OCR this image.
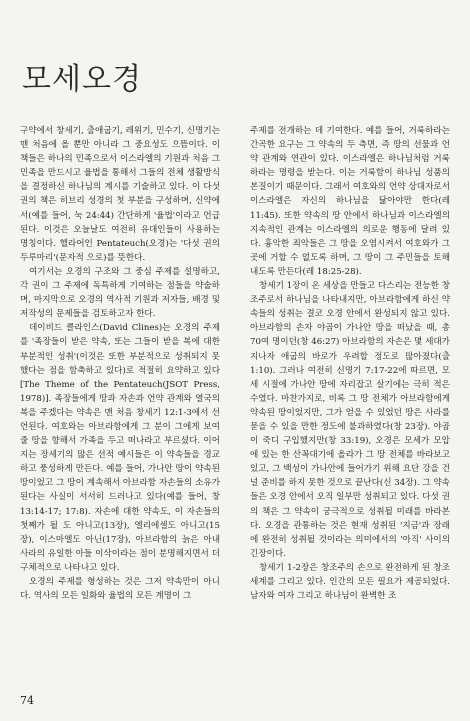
모세오경

구약에서 창세기, 출애굽기, 레위기, 민수기, 신명기는 맨 처음에 올 뿐만 아니라 그 중요성도 으뜸이다. 이 책들은 하나의 민족으로서 이스라엘의 기원과 처음 그 민족을 만드시고 율법을 통해서 그들의 전체 생활방식을 결정하신 하나님의 계시를 기술하고 있다. 이 다섯 권의 책은 히브리 성경의 첫 부분을 구성하며, 신약에서(예를 들어, 눅 24:44) 간단하게 '율법'이라고 언급된다. 이것은 오늘날도 여전히 유대인들이 사용하는 명칭이다. 헬라어인 Pentateuch(오경)는 '다섯 권의 두루마리'(문자적 으로)를 뜻한다.

여기서는 오경의 구조와 그 중심 주제를 설명하고, 각 권이 그 주제에 독특하게 기여하는 점들을 약술하며, 마지막으로 오경의 역사적 기원과 저자들, 배경 및 저작성의 문제들을 검토하고자 한다.

데이비드 클라인스(David Clines)는 오경의 주제를 '족장들이 받은 약속, 또는 그들이 받을 복에 대한 부분적인 성취'(이것은 또한 부분적으로 성취되지 못했다는 점을 함축하고 있다)로 적절히 요약하고 있다 [The Theme of the Pentateuch(JSOT Press, 1978)]. 족장들에게 땅과 자손과 언약 관계와 열국의 복을 주겠다는 약속은 맨 처음 창세기 12:1-3에서 선언된다. 여호와는 아브라함에게 그 분이 그에게 보여 줄 땅을 향해서 가족을 두고 떠나라고 부르셨다. 이어지는 장세기의 많은 선적 예시들은 이 약속들을 경교하고 풍성하게 만든다. 예를 들어, 가나안 땅이 약속된 땅이었고 그 땅이 계속해서 아브라함 자손들의 소유가 된다는 사실이 서서히 드러나고 있다(예를 들어, 창 13:14-17; 17:8). 자손에 대한 약속도, 이 자손들의 첫째가 될 도 아니고(13장), 엘리에셀도 아니고(15장), 이스마엘도 아닌(17장), 아브라함의 늙은 아내 사라의 유일한 아들 이삭이라는 점이 분명해지면서 더 구체적으로 나타나고 있다.

오경의 주제를 형성하는 것은 그저 약속만이 아니다. 역사의 모든 일화와 율법의 모든 계명이 그

주제를 전개하는 데 기여한다. 예를 들어, 거룩하라는 간곡한 요구는 그 약속의 두 측면, 즉 땅의 선물과 언약 관계와 연관이 있다. 이스라엘은 하나님처럼 거룩하라는 명령을 받는다. 이는 거룩함이 하나님 성품의 본질이기 때문이다. 그래서 여호와의 언약 상대자로서 이스라엘은 자신의 하나님을 닮아야만 한다(레 11:45). 또한 약속의 땅 안에서 하나님과 이스라엘의 지속적인 관계는 이스라엘의 의로운 행동에 달려 있다. 흉악한 죄악들은 그 땅을 오염시켜서 여호와가 그 곳에 거할 수 없도록 하며, 그 땅이 그 주민들을 토해 내도록 만든다(레 18:25-28).

창세기 1장이 온 세상을 만들고 다스리는 전능한 창조주로서 하나님을 나타내지만, 아브라함에게 하신 약속들의 성취는 결코 오경 안에서 완성되지 않고 있다. 아브라함의 손자 야곱이 가나안 땅을 떠났을 때, 총 70여 명이던(창 46:27) 아브라함의 자손은 몇 세대가 지나자 애굽의 바로가 우려할 정도로 많아졌다(출 1:10). 그러나 여전히 신명기 7:17-22에 따르면, 모세 시절에 가나안 땅에 자리잡고 살기에는 극히 적은 수였다. 마찬가지로, 비록 그 땅 전체가 아브라함에게 약속된 땅이었지만, 그가 얻을 수 있었던 땅은 사라를 묻을 수 있을 만한 정도에 불과하였다(창 23장). 야곱이 죽디 구입했지만(창 33:19), 오경은 모세가 모압에 있는 한 산꼭대기에 올라가 그 땅 전체를 바라보고 있고, 그 백성이 가나안에 들어가기 위해 요단 강을 건널 준비를 하지 못한 것으로 끝난다(신 34장). 그 약속들은 오경 안에서 오직 일부만 성취되고 있다. 다섯 권의 책은 그 약속이 궁극적으로 성취될 미래를 바라본다. 오경을 관통하는 것은 현재 성취된 '지금'과 장래에 완전히 성취될 것이라는 의미에서의 '아직' 사이의 긴장이다.

창세기 1-2장은 창조주의 손으로 완전하게 된 창조 세계를 그리고 있다. 인간의 모든 필요가 제공되었다. 남자와 여자 그리고 하나님이 완벽한 조

74
